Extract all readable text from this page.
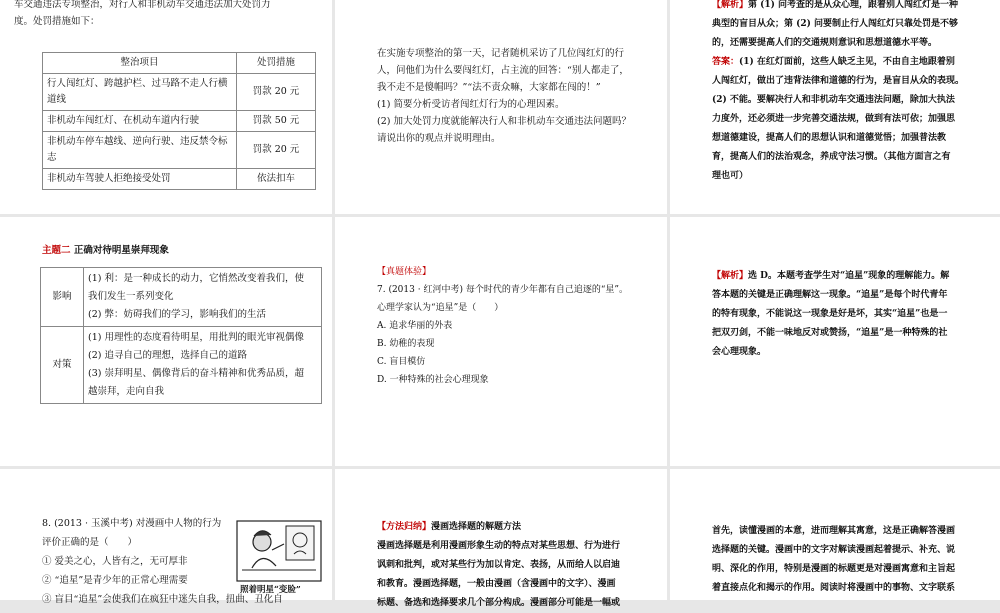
车交通违法专项整治，对行人和非机动车交通违法加大处罚力

度。处罚措施如下：

整治项目	处罚措施
行人闯红灯、跨越护栏、过马路不走人行横道线	罚款 20 元
非机动车闯红灯、在机动车道内行驶	罚款 50 元
非机动车停车越线、逆向行驶、违反禁令标志	罚款 20 元
非机动车驾驶人拒绝接受处罚	依法扣车

在实施专项整治的第一天，记者随机采访了几位闯红灯的行

人，问他们为什么要闯红灯，占主流的回答：“别人都走了，

我不走不是傻帽吗？”“法不责众嘛，大家都在闯的！”

(1) 简要分析受访者闯红灯行为的心理因素。

(2) 加大处罚力度就能解决行人和非机动车交通违法问题吗？

请说出你的观点并说明理由。

【解析】第 (1) 问考查的是从众心理，跟着别人闯红灯是一种

典型的盲目从众；第 (2) 问要制止行人闯红灯只靠处罚是不够

的，还需要提高人们的交通规则意识和思想道德水平等。

答案：(1) 在红灯面前，这些人缺乏主见，不由自主地跟着别

人闯红灯，做出了违背法律和道德的行为，是盲目从众的表现。

(2) 不能。要解决行人和非机动车交通违法问题，除加大执法

力度外，还必须进一步完善交通法规，做到有法可依；加强思

想道德建设，提高人们的思想认识和道德觉悟；加强普法教

育，提高人们的法治观念，养成守法习惯。（其他方面言之有

理也可）

主题二 正确对待明星崇拜现象

影响	(1) 利：是一种成长的动力，它悄然改变着我们，使

我们发生一系列变化

(2) 弊：妨碍我们的学习，影响我们的生活

对策	(1) 用理性的态度看待明星，用批判的眼光审视偶像

(2) 追寻自己的理想，选择自己的道路

(3) 崇拜明星、偶像背后的奋斗精神和优秀品质，超

越崇拜，走向自我

【真题体验】

7. (2013 · 红河中考) 每个时代的青少年都有自己追逐的“星”。

心理学家认为“追星”是（　　）

A. 追求华丽的外表

B. 幼稚的表现

C. 盲目模仿

D. 一种特殊的社会心理现象

【解析】选 D。本题考查学生对“追星”现象的理解能力。解

答本题的关键是正确理解这一现象。“追星”是每个时代青年

的特有现象，不能说这一现象是好是坏，其实“追星”也是一

把双刃剑，不能一味地反对或赞扬，“追星”是一种特殊的社

会心理现象。

8. (2013 · 玉溪中考) 对漫画中人物的行为

评价正确的是（　　）

① 爱美之心，人皆有之，无可厚非

② “追星”是青少年的正常心理需要

③ 盲目“追星”会使我们在疯狂中迷失自我，扭曲、丑化自

照着明星“变脸”

【方法归纳】漫画选择题的解题方法

漫画选择题是利用漫画形象生动的特点对某些思想、行为进行

讽刺和批判，或对某些行为加以肯定、表扬，从而给人以启迪

和教育。漫画选择题，一般由漫画（含漫画中的文字）、漫画

标题、备选和选择要求几个部分构成。漫画部分可能是一幅或

首先，读懂漫画的本意，进而理解其寓意，这是正确解答漫画

选择题的关键。漫画中的文字对解读漫画起着提示、补充、说

明、深化的作用，特别是漫画的标题更是对漫画寓意和主旨起

着直接点化和揭示的作用。阅读时将漫画中的事物、文字联系
